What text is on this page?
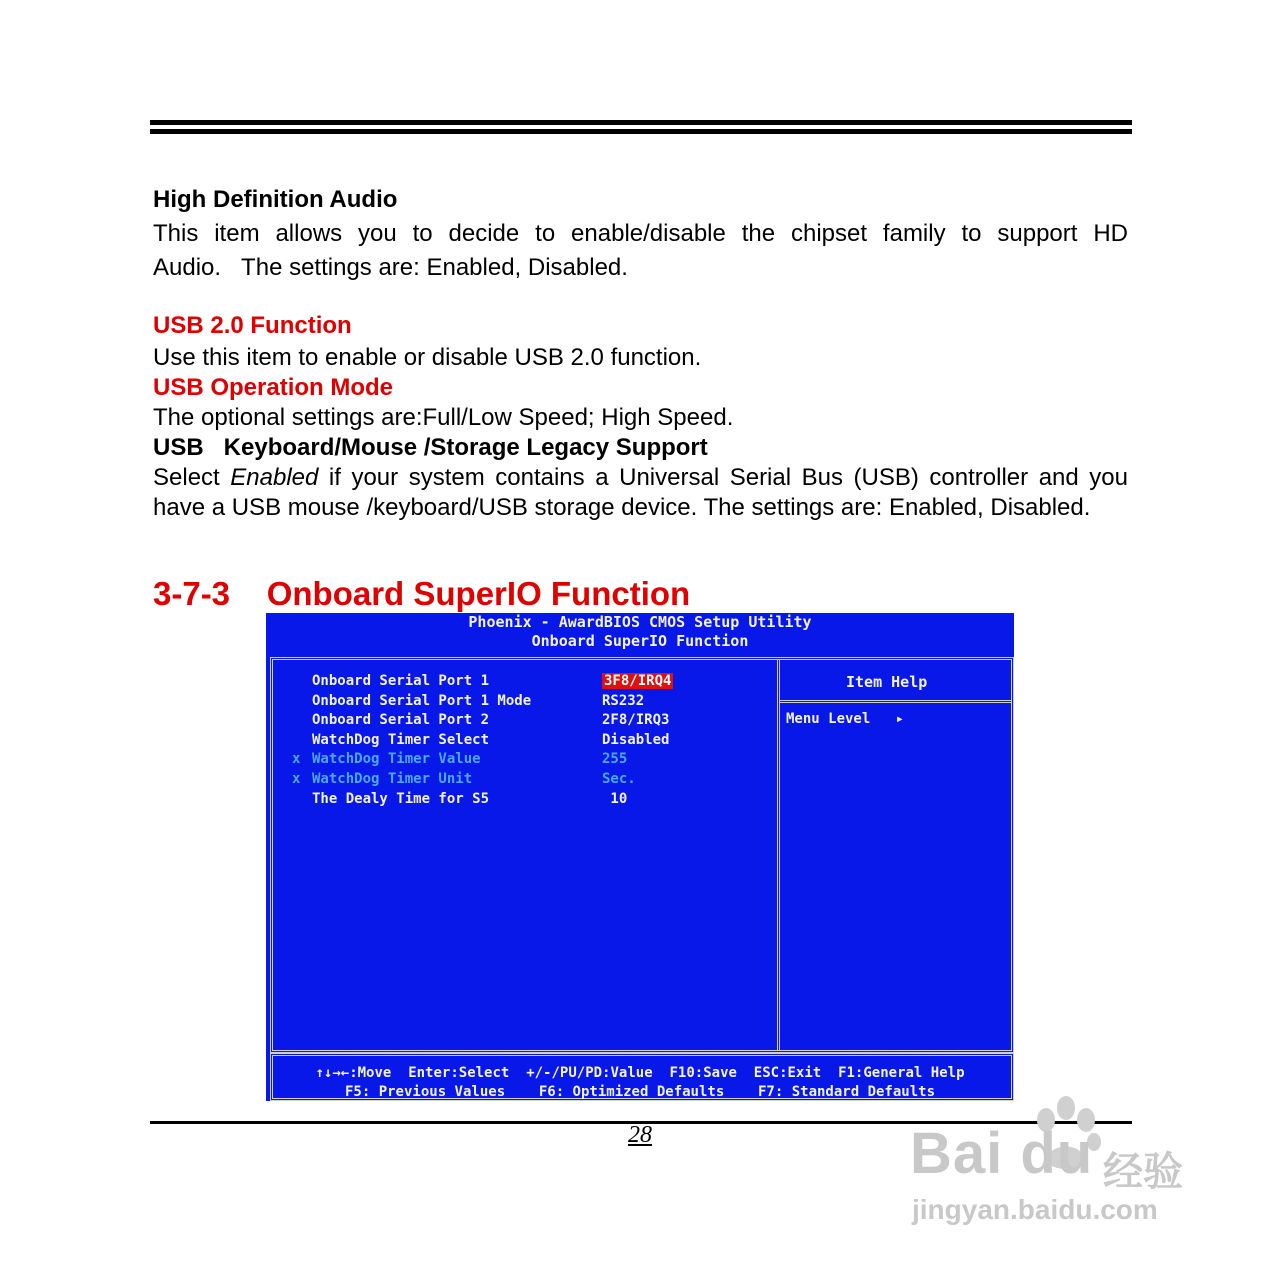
High Definition Audio
This item allows you to decide to enable/disable the chipset family to support HD
Audio.   The settings are: Enabled, Disabled.
USB 2.0 Function
Use this item to enable or disable USB 2.0 function.
USB Operation Mode
The optional settings are:Full/Low Speed; High Speed.
USB   Keyboard/Mouse /Storage Legacy Support
Select Enabled if your system contains a Universal Serial Bus (USB) controller and you have a USB mouse /keyboard/USB storage device. The settings are: Enabled, Disabled.
3-7-3    Onboard SuperIO Function
Phoenix - AwardBIOS CMOS Setup Utility
Onboard SuperIO Function
Onboard Serial Port 1	3F8/IRQ4
Onboard Serial Port 1 Mode	RS232
Onboard Serial Port 2	2F8/IRQ3
WatchDog Timer Select	Disabled
x WatchDog Timer Value	255
x WatchDog Timer Unit	Sec.
The Dealy Time for S5	10
Item Help
Menu Level   ▸
↑↓→←:Move  Enter:Select  +/-/PU/PD:Value  F10:Save  ESC:Exit  F1:General Help
F5: Previous Values    F6: Optimized Defaults    F7: Standard Defaults
28	Bai du 经验
jingyan.baidu.com
